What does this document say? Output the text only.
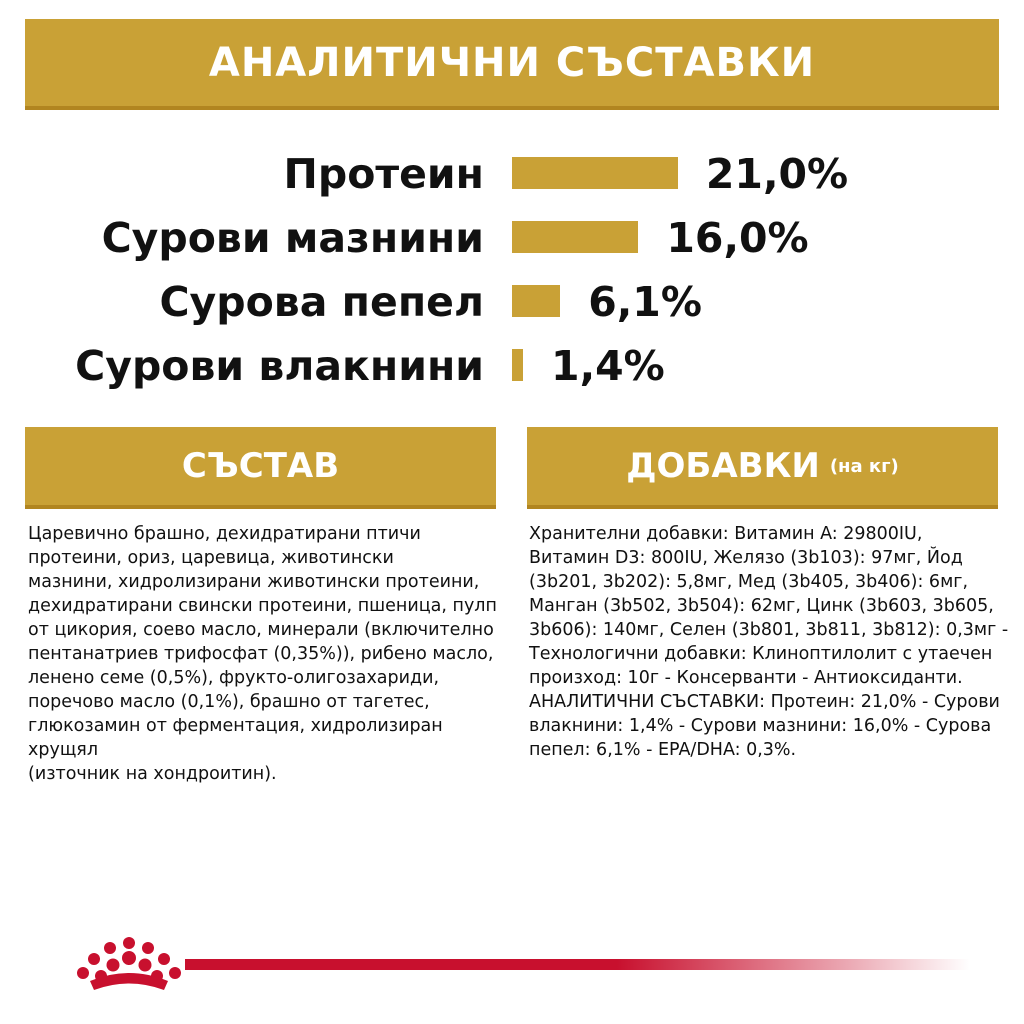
АНАЛИТИЧНИ СЪСТАВКИ
Протеин	21,0%
Сурови мазнини	16,0%
Сурова пепел	6,1%
Сурови влакнини 1,4%
СЪСТАВ	ДОБАВКИ (на кг)
Царевично брашно, дехидратирани птичи
протеини, ориз, царевица, животински
мазнини, хидролизирани животински протеини,
дехидратирани свински протеини, пшеница, пулп
от цикория, соево масло, минерали (включително
пентанатриев трифосфат (0,35%)), рибено масло,
ленено семе (0,5%), фрукто-олигозахариди,
поречово масло (0,1%), брашно от тагетес,
глюкозамин от ферментация, хидролизиран хрущял
(източник на хондроитин).
Хранителни добавки: Витамин A: 29800IU,
Витамин D3: 800IU, Желязо (3b103): 97мг, Йод
(3b201, 3b202): 5,8мг, Мед (3b405, 3b406): 6мг,
Манган (3b502, 3b504): 62мг, Цинк (3b603, 3b605,
3b606): 140мг, Селен (3b801, 3b811, 3b812): 0,3мг -
Технологични добавки: Клиноптилолит с утаечен
произход: 10г - Консерванти - Антиоксиданти.
АНАЛИТИЧНИ СЪСТАВКИ: Протеин: 21,0% - Сурови
влакнини: 1,4% - Сурови мазнини: 16,0% - Сурова
пепел: 6,1% - EPA/DHA: 0,3%.
